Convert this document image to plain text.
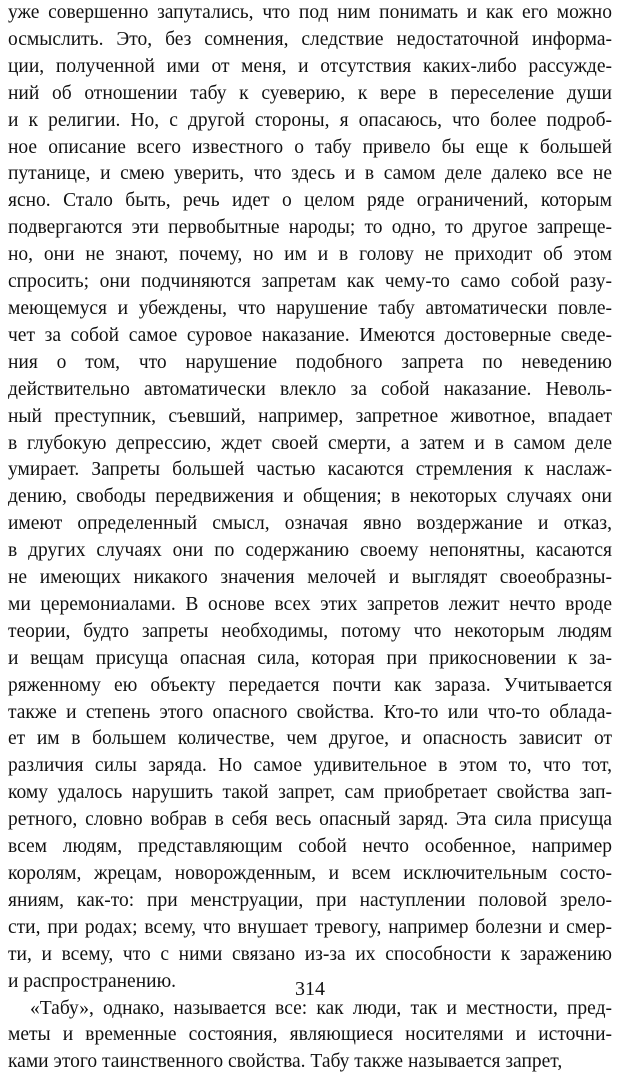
уже совершенно запутались, что под ним понимать и как его можно
осмыслить. Это, без сомнения, следствие недостаточной информа-
ции, полученной ими от меня, и отсутствия каких-либо рассужде-
ний об отношении табу к суеверию, к вере в переселение души
и к религии. Но, с другой стороны, я опасаюсь, что более подроб-
ное описание всего известного о табу привело бы еще к большей
путанице, и смею уверить, что здесь и в самом деле далеко все не
ясно. Стало быть, речь идет о целом ряде ограничений, которым
подвергаются эти первобытные народы; то одно, то другое запреще-
но, они не знают, почему, но им и в голову не приходит об этом
спросить; они подчиняются запретам как чему-то само собой разу-
меющемуся и убеждены, что нарушение табу автоматически повле-
чет за собой самое суровое наказание. Имеются достоверные сведе-
ния о том, что нарушение подобного запрета по неведению
действительно автоматически влекло за собой наказание. Неволь-
ный преступник, съевший, например, запретное животное, впадает
в глубокую депрессию, ждет своей смерти, а затем и в самом деле
умирает. Запреты большей частью касаются стремления к наслаж-
дению, свободы передвижения и общения; в некоторых случаях они
имеют определенный смысл, означая явно воздержание и отказ,
в других случаях они по содержанию своему непонятны, касаются
не имеющих никакого значения мелочей и выглядят своеобразны-
ми церемониалами. В основе всех этих запретов лежит нечто вроде
теории, будто запреты необходимы, потому что некоторым людям
и вещам присуща опасная сила, которая при прикосновении к за-
ряженному ею объекту передается почти как зараза. Учитывается
также и степень этого опасного свойства. Кто-то или что-то облада-
ет им в большем количестве, чем другое, и опасность зависит от
различия силы заряда. Но самое удивительное в этом то, что тот,
кому удалось нарушить такой запрет, сам приобретает свойства зап-
ретного, словно вобрав в себя весь опасный заряд. Эта сила присуща
всем людям, представляющим собой нечто особенное, например
королям, жрецам, новорожденным, и всем исключительным состо-
яниям, как-то: при менструации, при наступлении половой зрело-
сти, при родах; всему, что внушает тревогу, например болезни и смер-
ти, и всему, что с ними связано из-за их способности к заражению
и распространению.
«Табу», однако, называется все: как люди, так и местности, пред-
меты и временные состояния, являющиеся носителями и источни-
ками этого таинственного свойства. Табу также называется запрет,
314
